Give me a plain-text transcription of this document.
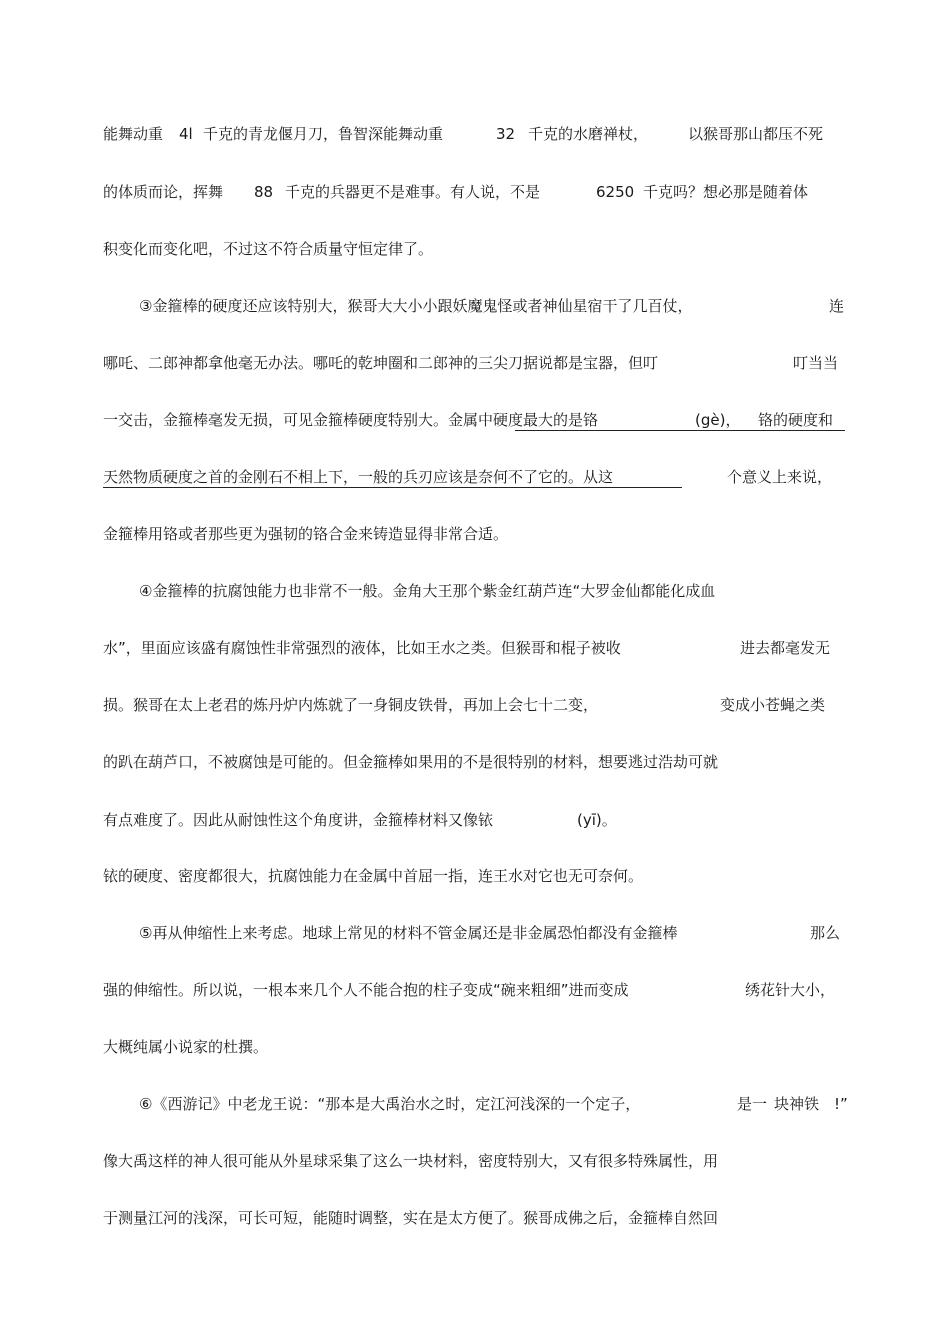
能舞动重 4l 千克的青龙偃月刀，鲁智深能舞动重	32 千克的水磨禅杖，	以猴哥那山都压不死
的体质而论，挥舞 88 千克的兵器更不是难事。有人说，不是	6250 千克吗？想必那是随着体
积变化而变化吧，不过这不符合质量守恒定律了。
③金箍棒的硬度还应该特别大，猴哥大大小小跟妖魔鬼怪或者神仙星宿干了几百仗，	连
哪吒、二郎神都拿他毫无办法。哪吒的乾坤圈和二郎神的三尖刀据说都是宝器，但叮	叮当当
一交击，金箍棒毫发无损，可见金箍棒硬度特别大。金属中硬度最大的是铬	(gè)， 铬的硬度和
天然物质硬度之首的金刚石不相上下，一般的兵刃应该是奈何不了它的。从这	个意义上来说，
金箍棒用铬或者那些更为强韧的铬合金来铸造显得非常合适。
④金箍棒的抗腐蚀能力也非常不一般。金角大王那个紫金红葫芦连“大罗金仙都能化成血
水”，里面应该盛有腐蚀性非常强烈的液体，比如王水之类。但猴哥和棍子被收	进去都毫发无
损。猴哥在太上老君的炼丹炉内炼就了一身铜皮铁骨，再加上会七十二变，	变成小苍蝇之类
的趴在葫芦口，不被腐蚀是可能的。但金箍棒如果用的不是很特别的材料，想要逃过浩劫可就
有点难度了。因此从耐蚀性这个角度讲，金箍棒材料又像铱	(yī)。
铱的硬度、密度都很大，抗腐蚀能力在金属中首屈一指，连王水对它也无可奈何。
⑤再从伸缩性上来考虑。地球上常见的材料不管金属还是非金属恐怕都没有金箍棒	那么
强的伸缩性。所以说，一根本来几个人不能合抱的柱子变成“碗来粗细”进而变成	绣花针大小，
大概纯属小说家的杜撰。
⑥《西游记》中老龙王说：“那本是大禹治水之时，定江河浅深的一个定子，	是一 块神铁 !”
像大禹这样的神人很可能从外星球采集了这么一块材料，密度特别大，又有很多特殊属性，用
于测量江河的浅深，可长可短，能随时调整，实在是太方便了。猴哥成佛之后，金箍棒自然回
